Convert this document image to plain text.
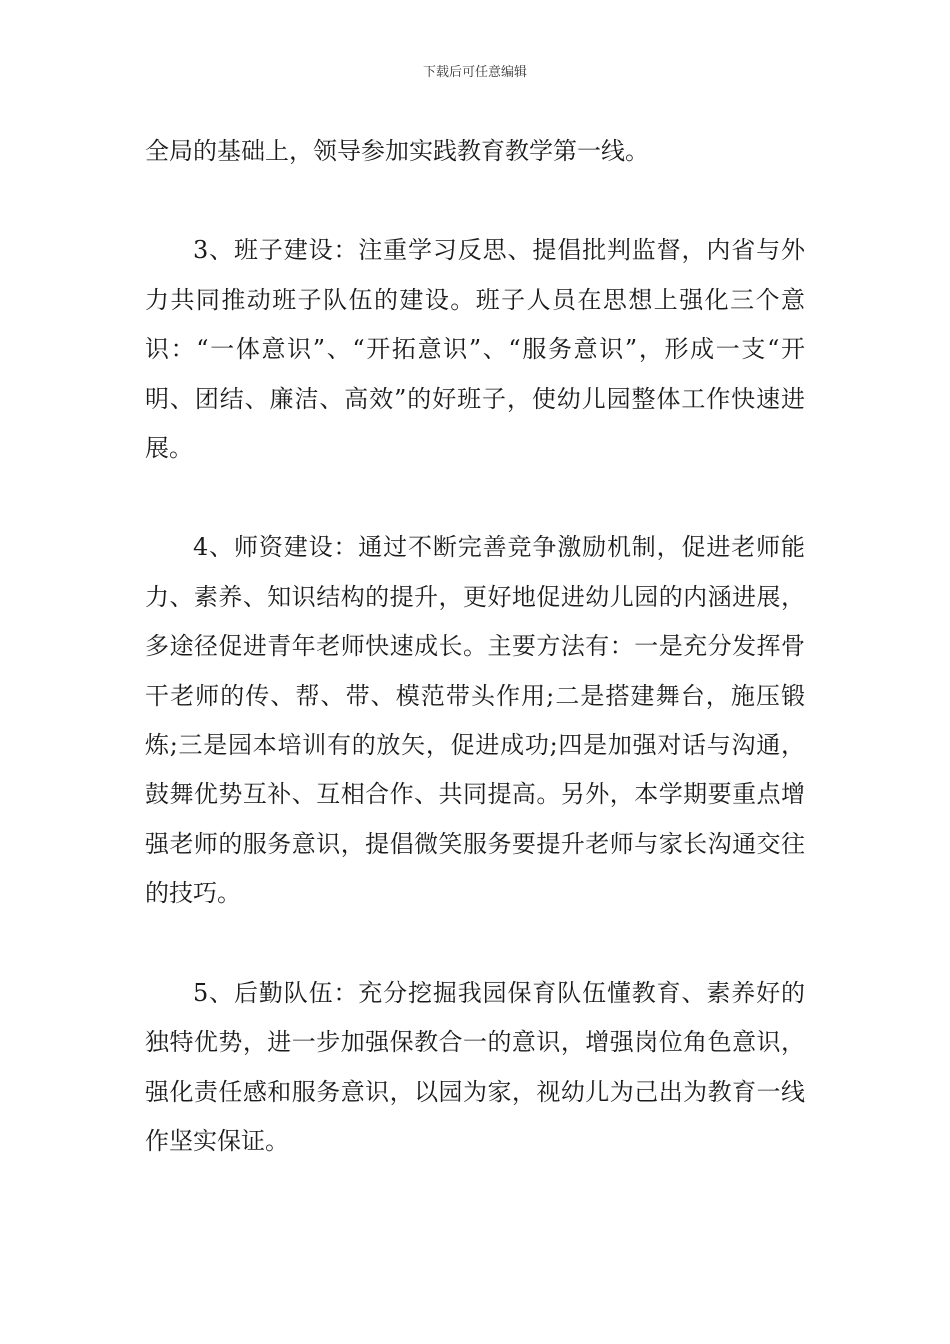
下载后可任意编辑

全局的基础上，领导参加实践教育教学第一线。

3、班子建设：注重学习反思、提倡批判监督，内省与外力共同推动班子队伍的建设。班子人员在思想上强化三个意识：“一体意识”、“开拓意识”、“服务意识”，形成一支“开明、团结、廉洁、高效”的好班子，使幼儿园整体工作快速进展。

4、师资建设：通过不断完善竞争激励机制，促进老师能力、素养、知识结构的提升，更好地促进幼儿园的内涵进展，多途径促进青年老师快速成长。主要方法有：一是充分发挥骨干老师的传、帮、带、模范带头作用;二是搭建舞台，施压锻炼;三是园本培训有的放矢，促进成功;四是加强对话与沟通，鼓舞优势互补、互相合作、共同提高。另外，本学期要重点增强老师的服务意识，提倡微笑服务要提升老师与家长沟通交往的技巧。

5、后勤队伍：充分挖掘我园保育队伍懂教育、素养好的独特优势，进一步加强保教合一的意识，增强岗位角色意识，强化责任感和服务意识，以园为家，视幼儿为己出为教育一线作坚实保证。
